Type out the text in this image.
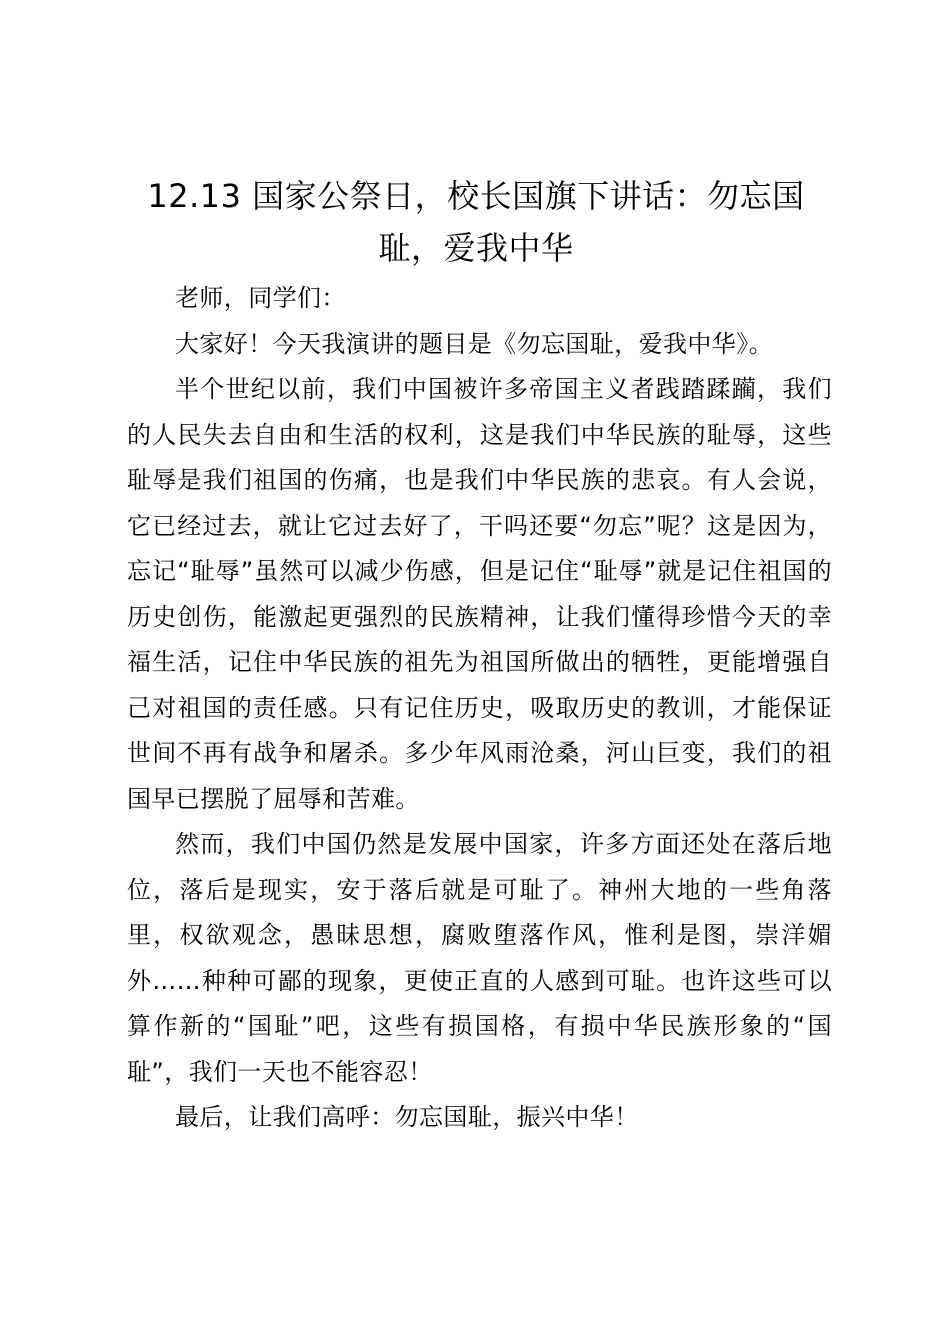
12.13 国家公祭日，校长国旗下讲话：勿忘国耻，爱我中华

老师，同学们：

大家好！今天我演讲的题目是《勿忘国耻，爱我中华》。

半个世纪以前，我们中国被许多帝国主义者践踏蹂躏，我们的人民失去自由和生活的权利，这是我们中华民族的耻辱，这些耻辱是我们祖国的伤痛，也是我们中华民族的悲哀。有人会说，它已经过去，就让它过去好了，干吗还要“勿忘”呢？这是因为，忘记“耻辱”虽然可以减少伤感，但是记住“耻辱”就是记住祖国的历史创伤，能激起更强烈的民族精神，让我们懂得珍惜今天的幸福生活，记住中华民族的祖先为祖国所做出的牺牲，更能增强自己对祖国的责任感。只有记住历史，吸取历史的教训，才能保证世间不再有战争和屠杀。多少年风雨沧桑，河山巨变，我们的祖国早已摆脱了屈辱和苦难。

然而，我们中国仍然是发展中国家，许多方面还处在落后地位，落后是现实，安于落后就是可耻了。神州大地的一些角落里，权欲观念，愚昧思想，腐败堕落作风，惟利是图，崇洋媚外……种种可鄙的现象，更使正直的人感到可耻。也许这些可以算作新的“国耻”吧，这些有损国格，有损中华民族形象的“国耻”，我们一天也不能容忍！

最后，让我们高呼：勿忘国耻，振兴中华！
